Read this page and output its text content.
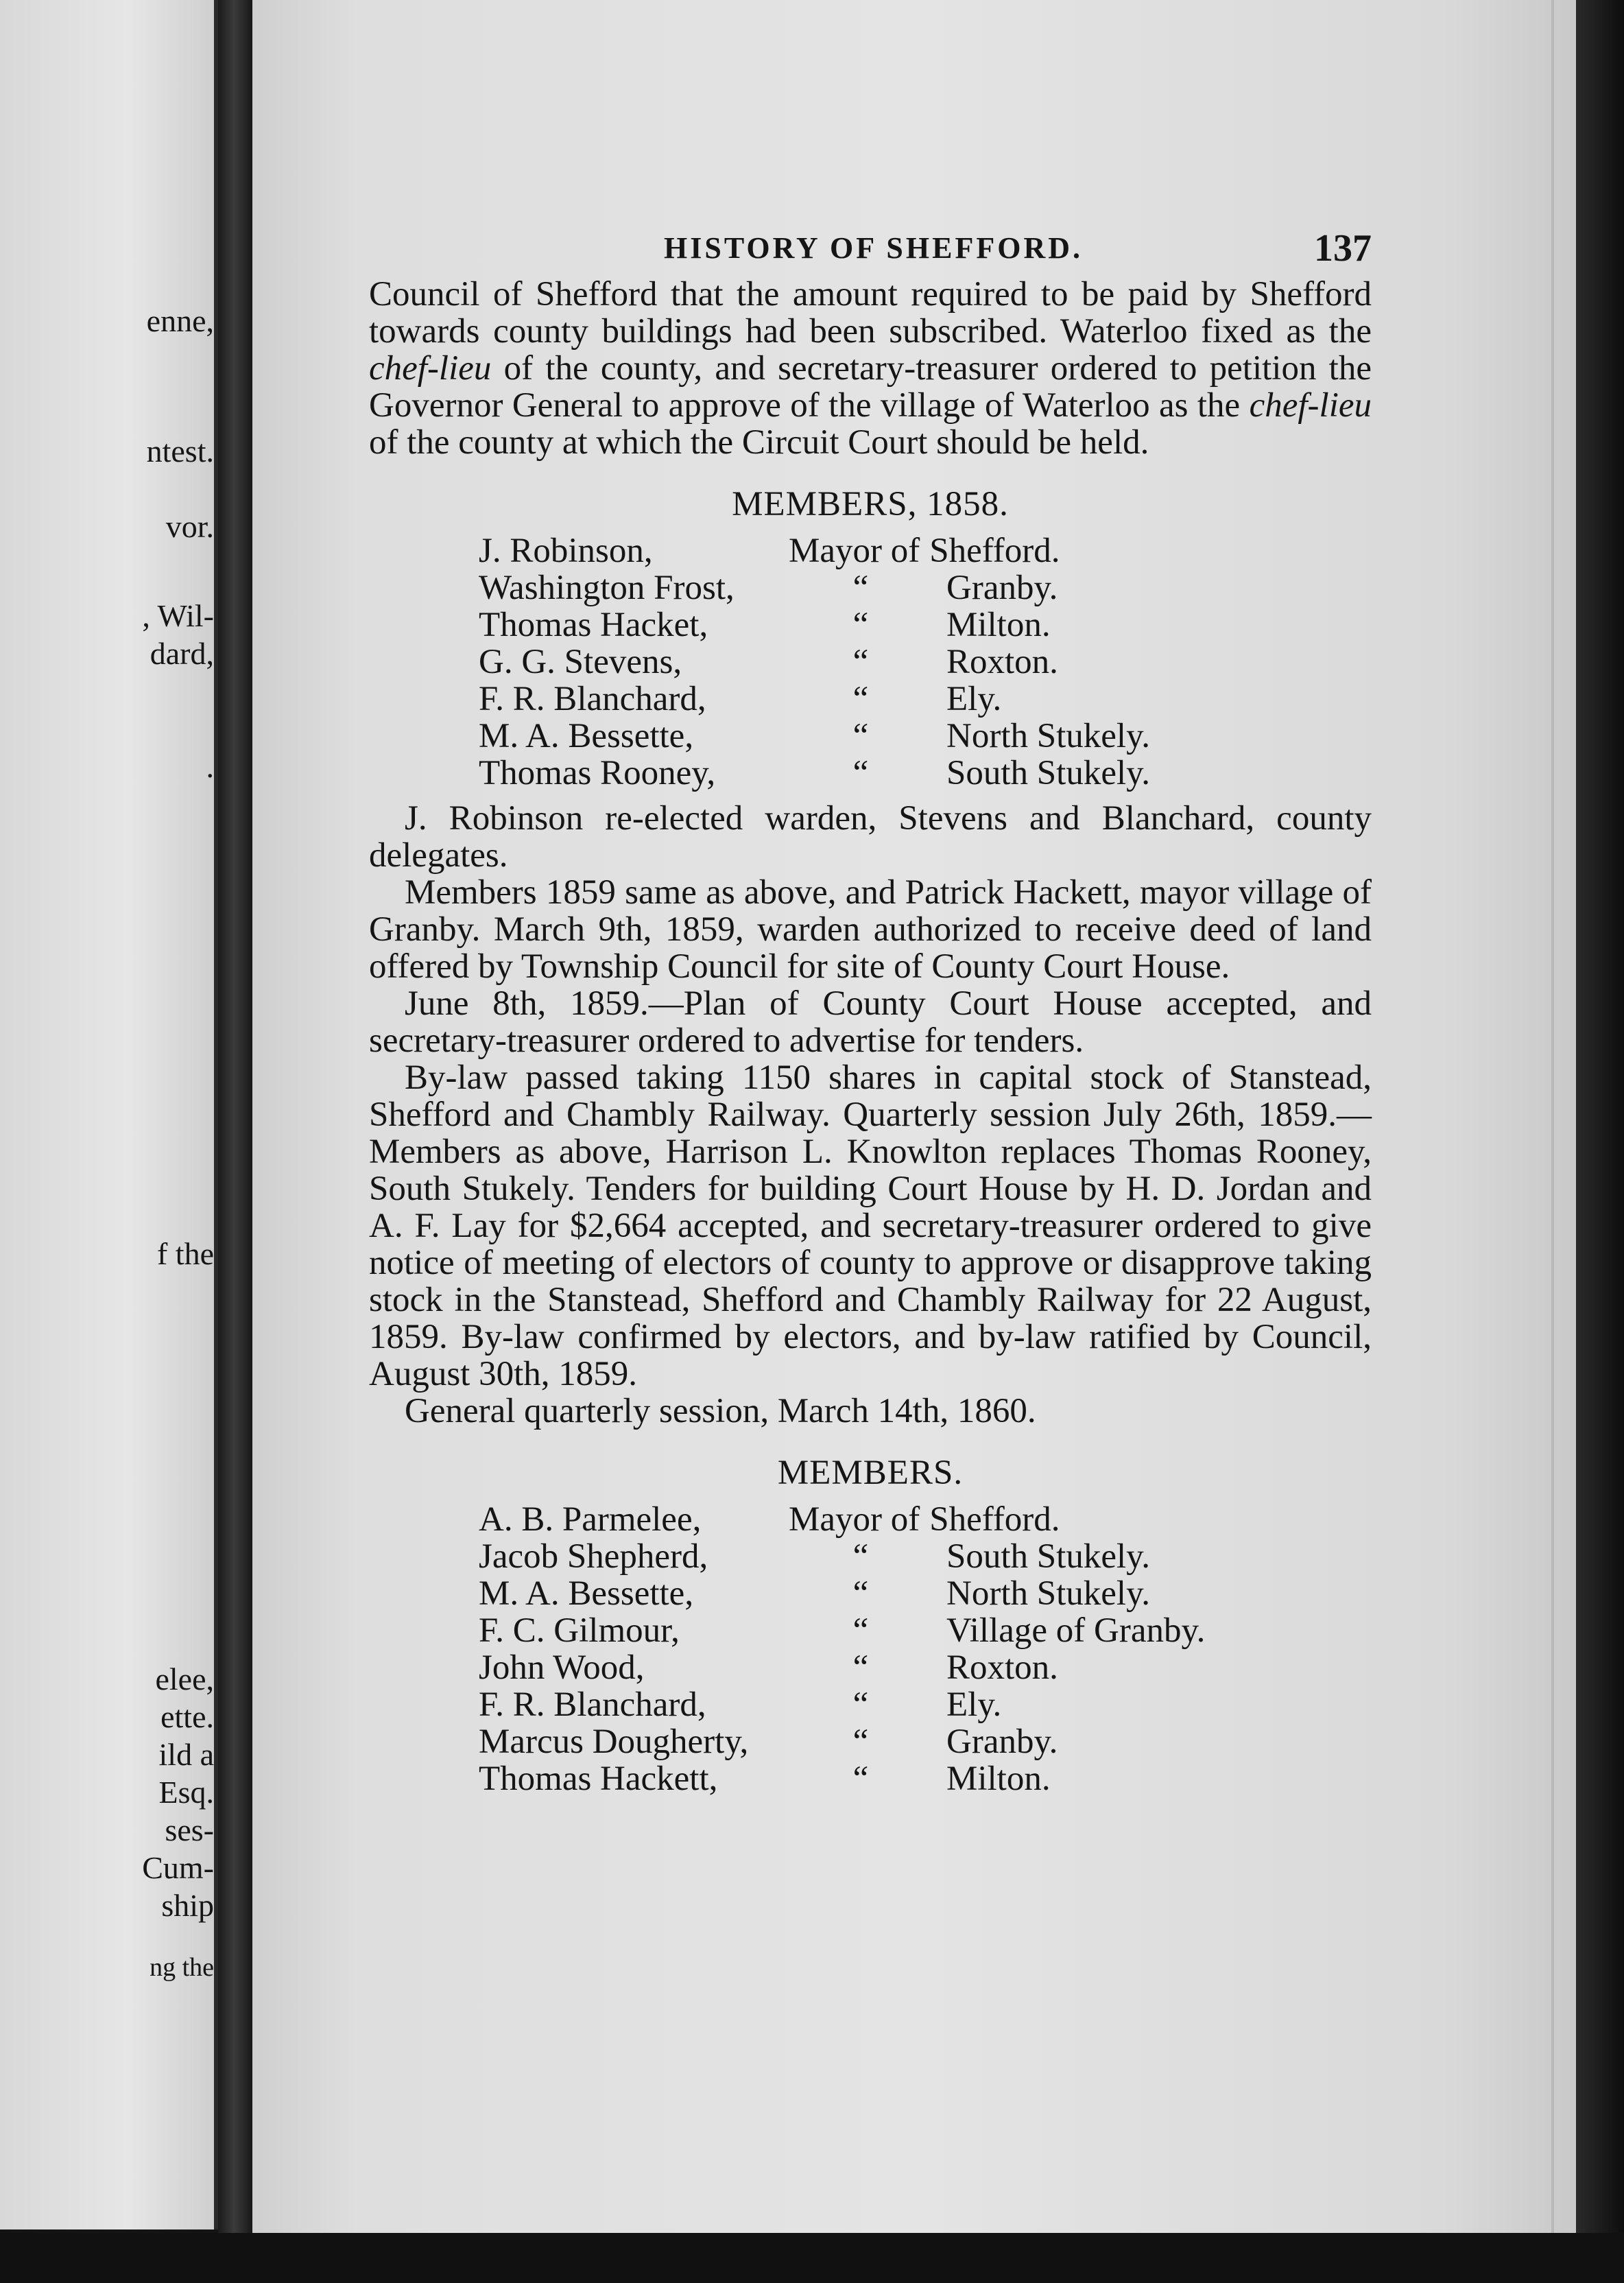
enne,
ntest.
vor.
, Wil-
dard,
.
f the
elee,
ette.
ild a
Esq.
ses-
Cum-
ship
ng the
HISTORY OF SHEFFORD.	137

Council of Shefford that the amount required to be paid by Shefford towards county buildings had been subscribed. Waterloo fixed as the chef-lieu of the county, and secretary-treasurer ordered to petition the Governor General to approve of the village of Waterloo as the chef-lieu of the county at which the Circuit Court should be held.

MEMBERS, 1858.
J. Robinson,	Mayor of Shefford.
Washington Frost,	“	Granby.
Thomas Hacket,	“	Milton.
G. G. Stevens,	“	Roxton.
F. R. Blanchard,	“	Ely.
M. A. Bessette,	“	North Stukely.
Thomas Rooney,	“	South Stukely.

J. Robinson re-elected warden, Stevens and Blanchard, county delegates.

Members 1859 same as above, and Patrick Hackett, mayor village of Granby. March 9th, 1859, warden authorized to receive deed of land offered by Township Council for site of County Court House.

June 8th, 1859.—Plan of County Court House accepted, and secretary-treasurer ordered to advertise for tenders.

By-law passed taking 1150 shares in capital stock of Stanstead, Shefford and Chambly Railway. Quarterly session July 26th, 1859.—Members as above, Harrison L. Knowlton replaces Thomas Rooney, South Stukely. Tenders for building Court House by H. D. Jordan and A. F. Lay for $2,664 accepted, and secretary-treasurer ordered to give notice of meeting of electors of county to approve or disapprove taking stock in the Stanstead, Shefford and Chambly Railway for 22 August, 1859. By-law confirmed by electors, and by-law ratified by Council, August 30th, 1859.

General quarterly session, March 14th, 1860.

MEMBERS.
A. B. Parmelee,	Mayor of Shefford.
Jacob Shepherd,	“	South Stukely.
M. A. Bessette,	“	North Stukely.
F. C. Gilmour,	“	Village of Granby.
John Wood,	“	Roxton.
F. R. Blanchard,	“	Ely.
Marcus Dougherty,	“	Granby.
Thomas Hackett,	“	Milton.
